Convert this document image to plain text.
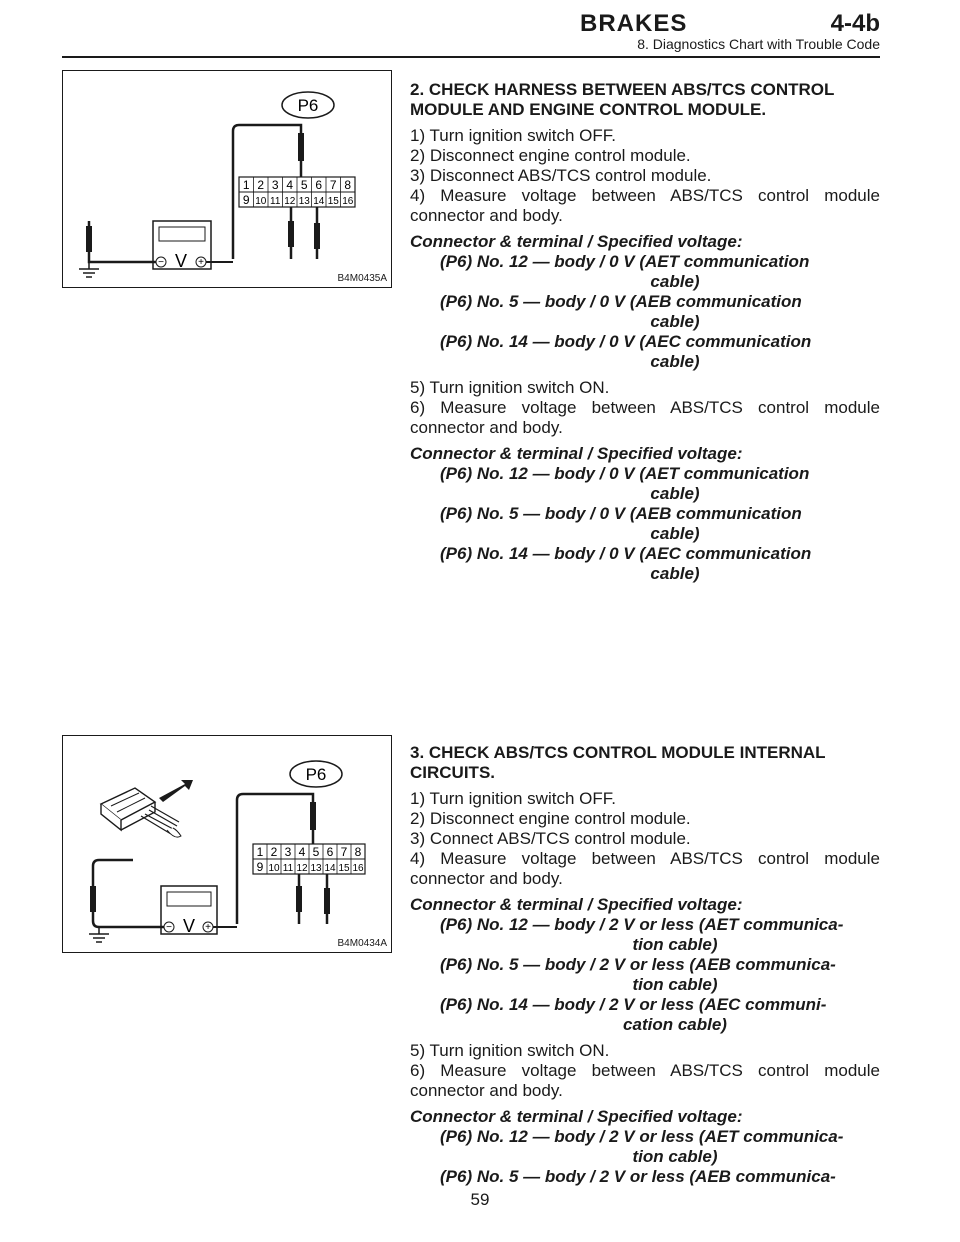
BRAKES	4-4b
8. Diagnostics Chart with Trouble Code
P6
1 2 3 4 5 6 7 8
9 10 11 12 13 14 15 16
− V +
B4M0435A
2. CHECK HARNESS BETWEEN ABS/TCS CONTROL MODULE AND ENGINE CONTROL MODULE.
1) Turn ignition switch OFF.
2) Disconnect engine control module.
3) Disconnect ABS/TCS control module.
4) Measure voltage between ABS/TCS control module connector and body.
Connector & terminal / Specified voltage:
(P6) No. 12 — body / 0 V (AET communication
cable)
(P6) No. 5 — body / 0 V (AEB communication
cable)
(P6) No. 14 — body / 0 V (AEC communication
cable)
5) Turn ignition switch ON.
6) Measure voltage between ABS/TCS control module connector and body.
Connector & terminal / Specified voltage:
(P6) No. 12 — body / 0 V (AET communication
cable)
(P6) No. 5 — body / 0 V (AEB communication
cable)
(P6) No. 14 — body / 0 V (AEC communication
cable)
P6
1 2 3 4 5 6 7 8
9 10 11 12 13 14 15 16
− V +
B4M0434A
3. CHECK ABS/TCS CONTROL MODULE INTERNAL CIRCUITS.
1) Turn ignition switch OFF.
2) Disconnect engine control module.
3) Connect ABS/TCS control module.
4) Measure voltage between ABS/TCS control module connector and body.
Connector & terminal / Specified voltage:
(P6) No. 12 — body / 2 V or less (AET communica-
tion cable)
(P6) No. 5 — body / 2 V or less (AEB communica-
tion cable)
(P6) No. 14 — body / 2 V or less (AEC communi-
cation cable)
5) Turn ignition switch ON.
6) Measure voltage between ABS/TCS control module connector and body.
Connector & terminal / Specified voltage:
(P6) No. 12 — body / 2 V or less (AET communica-
tion cable)
(P6) No. 5 — body / 2 V or less (AEB communica-
59
